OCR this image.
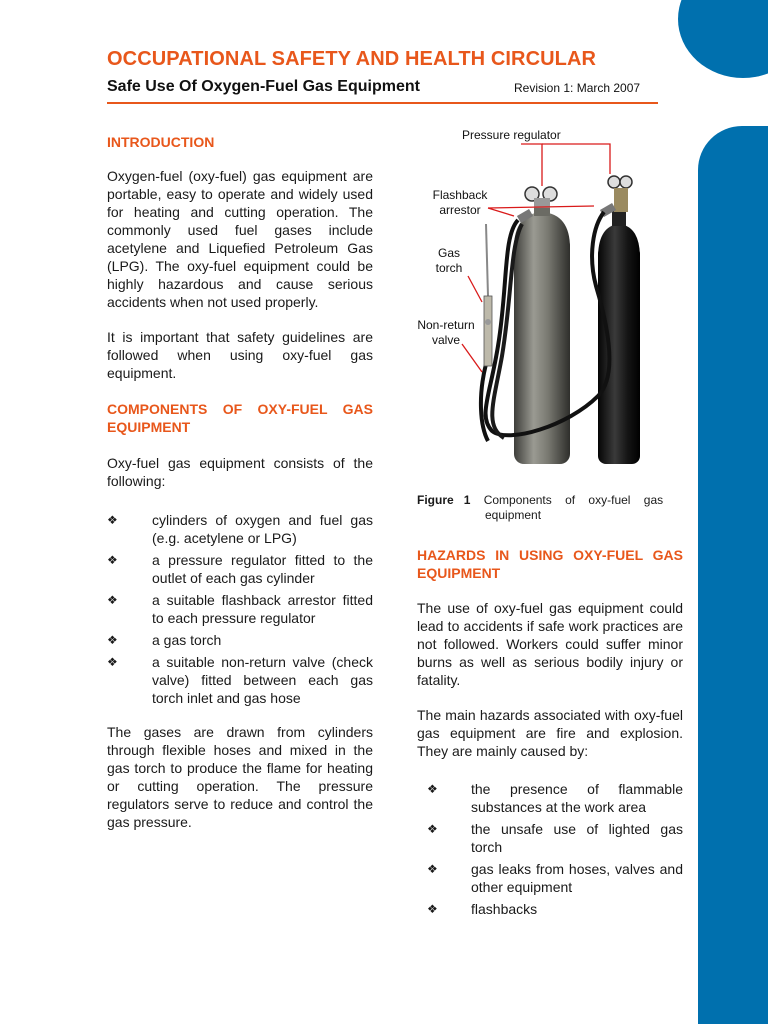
OCCUPATIONAL SAFETY AND HEALTH CIRCULAR
Safe Use Of Oxygen-Fuel Gas Equipment	Revision 1: March 2007
INTRODUCTION

Oxygen-fuel (oxy-fuel) gas equipment are portable, easy to operate and widely used for heating and cutting operation. The commonly used fuel gases include acetylene and Liquefied Petroleum Gas (LPG). The oxy-fuel equipment could be highly hazardous and cause serious accidents when not used properly.

It is important that safety guidelines are followed when using oxy-fuel gas equipment.

COMPONENTS OF OXY-FUEL GAS EQUIPMENT

Oxy-fuel gas equipment consists of the following:

❖ cylinders of oxygen and fuel gas (e.g. acetylene or LPG)
❖ a pressure regulator fitted to the outlet of each gas cylinder
❖ a suitable flashback arrestor fitted to each pressure regulator
❖ a gas torch
❖ a suitable non-return valve (check valve) fitted between each gas torch inlet and gas hose

The gases are drawn from cylinders through flexible hoses and mixed in the gas torch to produce the flame for heating or cutting operation. The pressure regulators serve to reduce and control the gas pressure.

Pressure regulator
Flashback arrestor
Gas torch
Non-return valve
Figure 1 Components of oxy-fuel gas
equipment
HAZARDS IN USING OXY-FUEL GAS EQUIPMENT

The use of oxy-fuel gas equipment could lead to accidents if safe work practices are not followed. Workers could suffer minor burns as well as serious bodily injury or fatality.

The main hazards associated with oxy-fuel gas equipment are fire and explosion. They are mainly caused by:

❖	the presence of flammable substances at the work area
❖	the unsafe use of lighted gas torch
❖	gas leaks from hoses, valves and other equipment
❖	flashbacks
